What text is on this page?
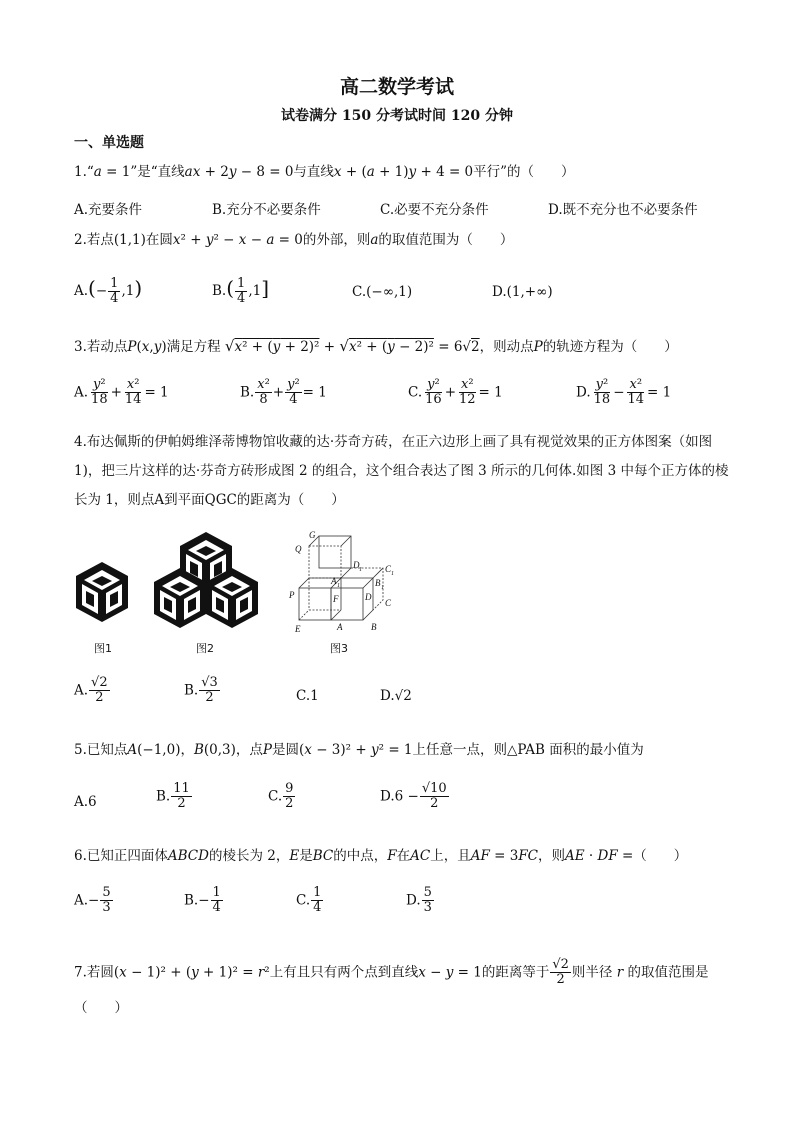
高二数学考试
试卷满分 150 分考试时间 120 分钟
一、单选题
1.“a = 1”是“直线ax + 2y − 8 = 0与直线x + (a + 1)y + 4 = 0平行”的（　　）
A.充要条件	B.充分不必要条件	C.必要不充分条件	D.既不充分也不必要条件
2.若点(1,1)在圆x² + y² − x − a = 0的外部，则a的取值范围为（　　）
$A.(- \frac{1}{4} ,1)$	$B.( \frac{1}{4} ,1]$	C.(−∞,1)	D.(1,+∞)
3.若动点P(x,y)满足方程 √x² + (y + 2)² + √x² + (y − 2)² = 6√2，则动点P的轨迹方程为（　　）
A. $\frac{\text{y²}}{18} + \frac{\text{x²}}{14} = 1$	B. $\frac{\text{x²}}{8} + \frac{\text{y²}}{4} = 1$	C. $\frac{\text{y²}}{16} + \frac{\text{x²}}{12} = 1$	D. $\frac{\text{y²}}{18} - \frac{\text{x²}}{14} = 1$
4.布达佩斯的伊帕姆维泽蒂博物馆收藏的达·芬奇方砖，在正六边形上画了具有视觉效果的正方体图案（如图1)，把三片这样的达·芬奇方砖形成图 2 的组合，这个组合表达了图 3 所示的几何体.如图 3 中每个正方体的棱长为 1，则点A到平面QGC的距离为（　　）
图1	图2
G
Q
D 1	C 1
B 1
C
P
A 1
F	D
E	A	B
图3
A. $\frac{√2}{2}$	B. $\frac{√3}{2}$	C.1	D.√2
5.已知点A(−1,0)，B(0,3)，点P是圆(x − 3)² + y² = 1上任意一点，则△PAB 面积的最小值为
A.6	B. $\frac{11}{2}$	C. $\frac{9}{2}$	$D.6 - \frac{√10}{2}$
6.已知正四面体ABCD的棱长为 2，E是BC的中点，F在AC上，且AF = 3FC，则AE · DF =（　　）
$A.- \frac{5}{3}$	$B.- \frac{1}{4}$	C. $\frac{1}{4}$	D. $\frac{5}{3}$
7.若圆(x − 1)² + (y + 1)² = r²上有且只有两个点到直线x − y = 1的距离等于 $\frac{√2}{2}$ 则半径 r 的取值范围是
（　　）
